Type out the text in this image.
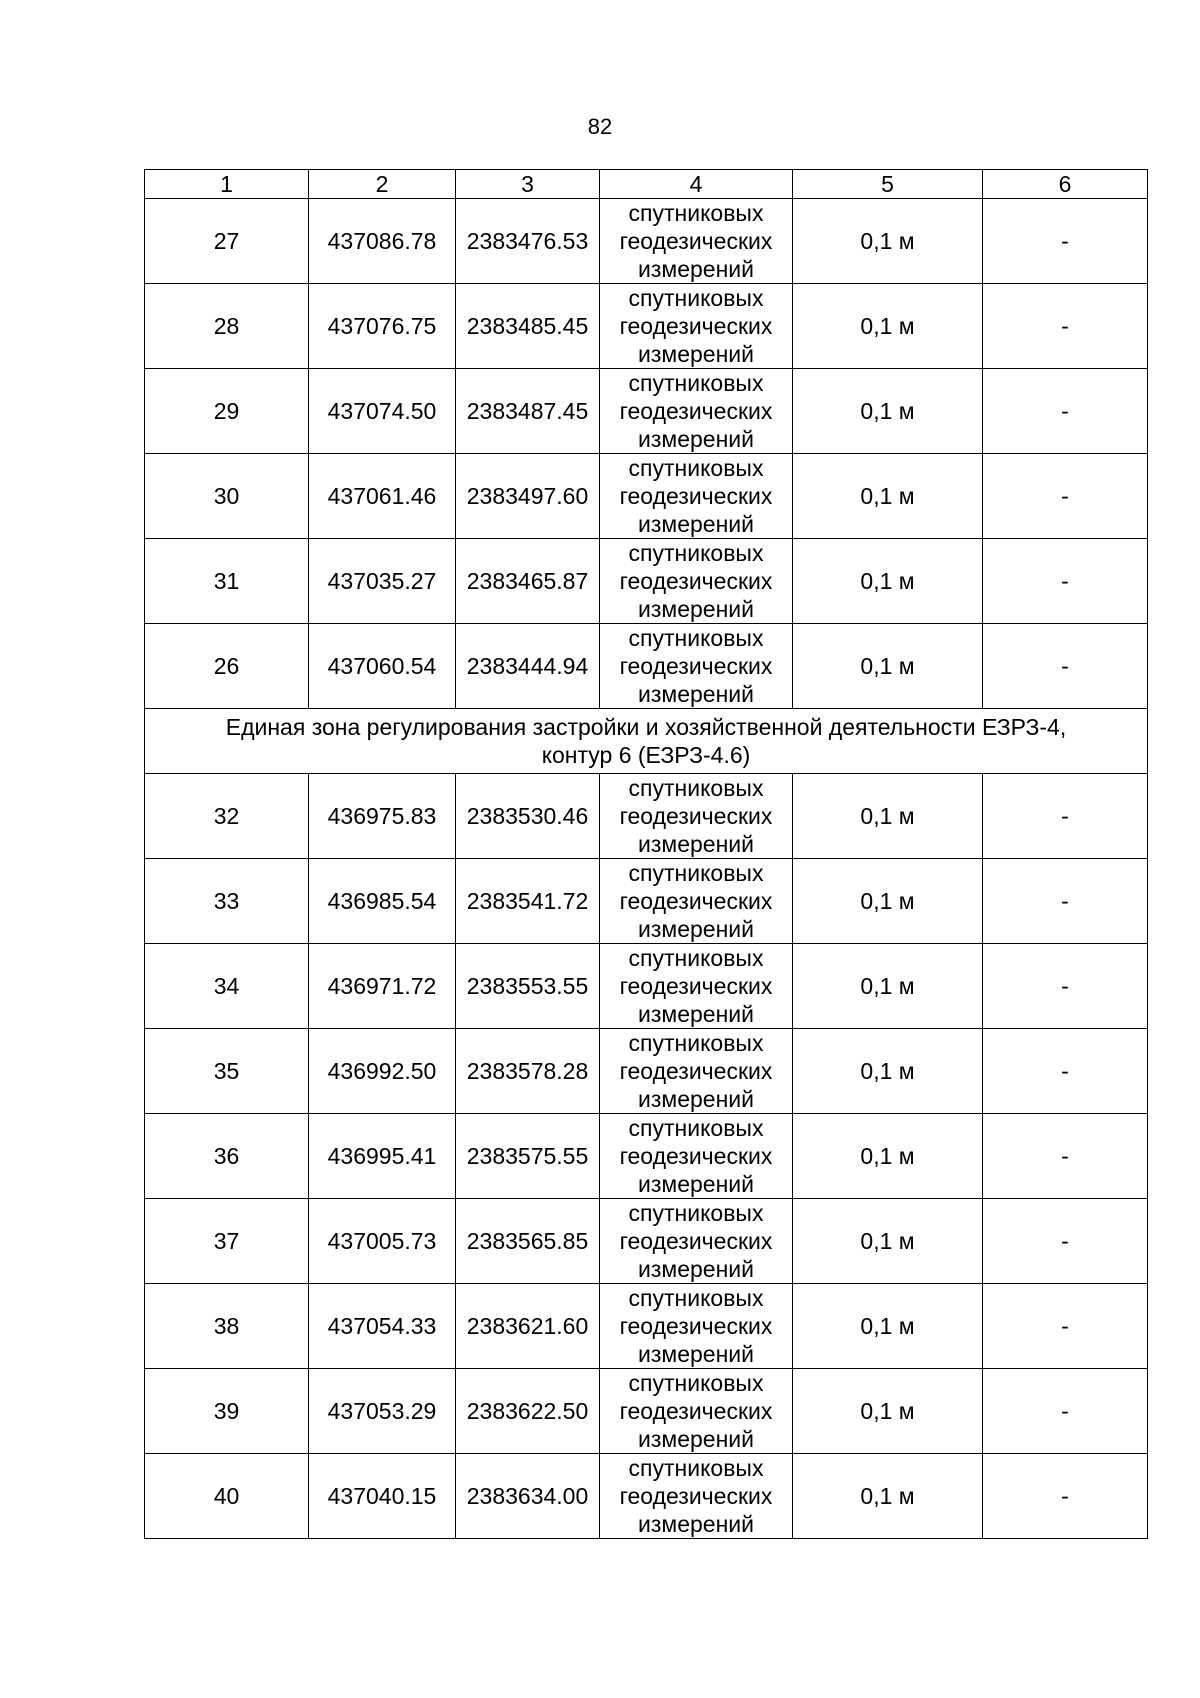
82
1	2	3	4	5	6
27	437086.78	2383476.53	спутниковых
геодезических
измерений	0,1 м	-
28	437076.75	2383485.45	спутниковых
геодезических
измерений	0,1 м	-
29	437074.50	2383487.45	спутниковых
геодезических
измерений	0,1 м	-
30	437061.46	2383497.60	спутниковых
геодезических
измерений	0,1 м	-
31	437035.27	2383465.87	спутниковых
геодезических
измерений	0,1 м	-
26	437060.54	2383444.94	спутниковых
геодезических
измерений	0,1 м	-

Единая зона регулирования застройки и хозяйственной деятельности ЕЗРЗ-4,
контур 6 (ЕЗРЗ-4.6)					

32	436975.83	2383530.46	спутниковых
геодезических
измерений	0,1 м	-
33	436985.54	2383541.72	спутниковых
геодезических
измерений	0,1 м	-
34	436971.72	2383553.55	спутниковых
геодезических
измерений	0,1 м	-
35	436992.50	2383578.28	спутниковых
геодезических
измерений	0,1 м	-
36	436995.41	2383575.55	спутниковых
геодезических
измерений	0,1 м	-
37	437005.73	2383565.85	спутниковых
геодезических
измерений	0,1 м	-
38	437054.33	2383621.60	спутниковых
геодезических
измерений	0,1 м	-
39	437053.29	2383622.50	спутниковых
геодезических
измерений	0,1 м	-
40	437040.15	2383634.00	спутниковых
геодезических
измерений	0,1 м	-
